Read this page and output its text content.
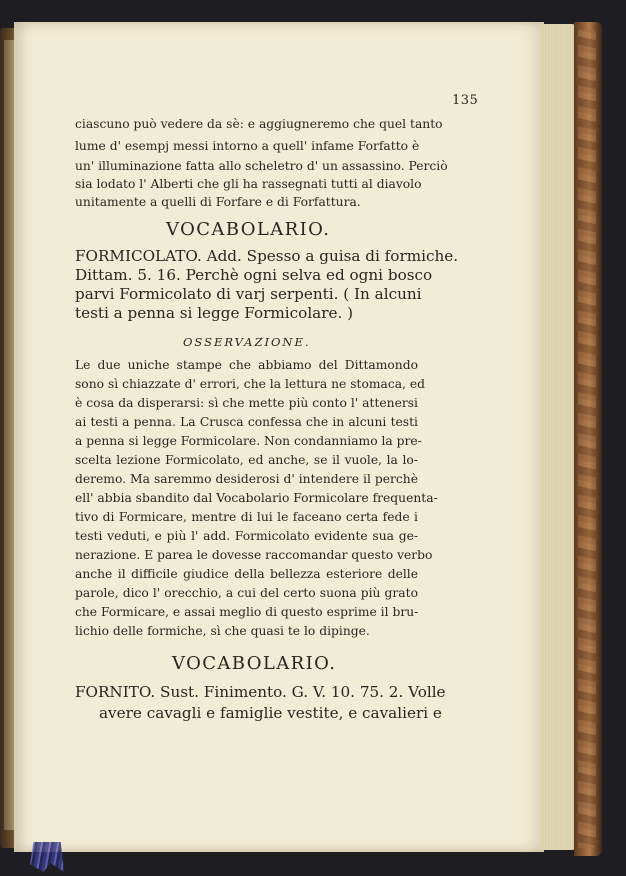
135
ciascuno può vedere da sè: e aggiugneremo che quel tanto
lume d' esempj messi intorno a quell' infame Forfatto è
un' illuminazione fatta allo scheletro d' un assassino. Perciò
sia lodato l' Alberti che gli ha rassegnati tutti al diavolo
unitamente a quelli di Forfare e di Forfattura.
VOCABOLARIO.
FORMICOLATO. Add. Spesso a guisa di formiche.
Dittam. 5. 16. Perchè ogni selva ed ogni bosco
parvi Formicolato di varj serpenti. ( In alcuni
testi a penna si legge Formicolare. )
OSSERVAZIONE.
Le due uniche stampe che abbiamo del Dittamondo
sono sì chiazzate d' errori, che la lettura ne stomaca, ed
è cosa da disperarsi: sì che mette più conto l' attenersi
ai testi a penna. La Crusca confessa che in alcuni testi
a penna si legge Formicolare. Non condanniamo la pre-
scelta lezione Formicolato, ed anche, se il vuole, la lo-
deremo. Ma saremmo desiderosi d' intendere il perchè
ell' abbia sbandito dal Vocabolario Formicolare frequenta-
tivo di Formicare, mentre di lui le faceano certa fede i
testi veduti, e più l' add. Formicolato evidente sua ge-
nerazione. E parea le dovesse raccomandar questo verbo
anche il difficile giudice della bellezza esteriore delle
parole, dico l' orecchio, a cui del certo suona più grato
che Formicare, e assai meglio di questo esprime il bru-
lichio delle formiche, sì che quasi te lo dipinge.
VOCABOLARIO.
FORNITO. Sust. Finimento. G. V. 10. 75. 2. Volle
avere cavagli e famiglie vestite, e cavalieri e
